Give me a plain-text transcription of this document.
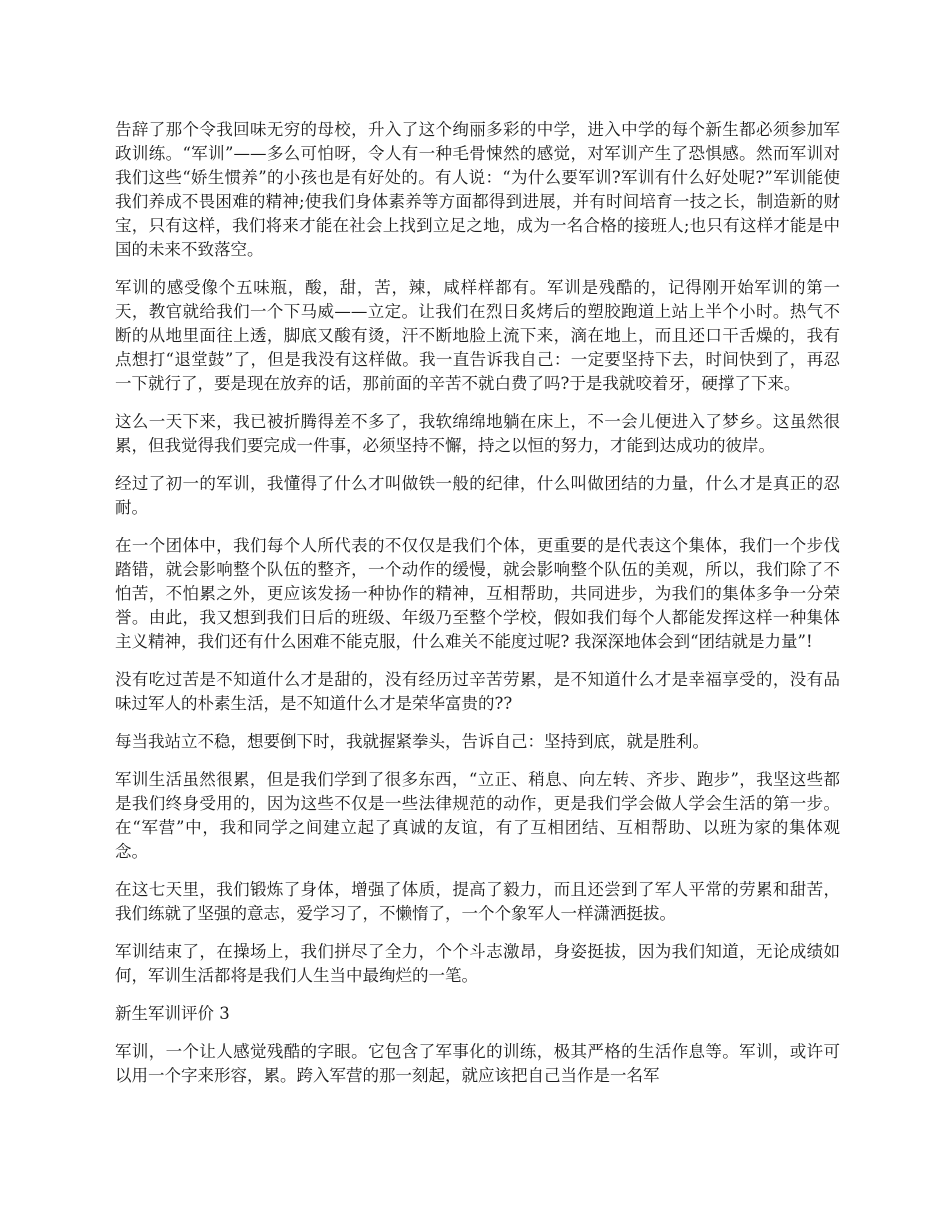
告辞了那个令我回味无穷的母校，升入了这个绚丽多彩的中学，进入中学的每个新生都必须参加军政训练。“军训”——多么可怕呀，令人有一种毛骨悚然的感觉，对军训产生了恐惧感。然而军训对我们这些“娇生惯养”的小孩也是有好处的。有人说：“为什么要军训?军训有什么好处呢?”军训能使我们养成不畏困难的精神;使我们身体素养等方面都得到进展，并有时间培育一技之长，制造新的财宝，只有这样，我们将来才能在社会上找到立足之地，成为一名合格的接班人;也只有这样才能是中国的未来不致落空。

军训的感受像个五味瓶，酸，甜，苦，辣，咸样样都有。军训是残酷的，记得刚开始军训的第一天，教官就给我们一个下马威——立定。让我们在烈日炙烤后的塑胶跑道上站上半个小时。热气不断的从地里面往上透，脚底又酸有烫，汗不断地脸上流下来，滴在地上，而且还口干舌燥的，我有点想打“退堂鼓”了，但是我没有这样做。我一直告诉我自己：一定要坚持下去，时间快到了，再忍一下就行了，要是现在放弃的话，那前面的辛苦不就白费了吗?于是我就咬着牙，硬撑了下来。

这么一天下来，我已被折腾得差不多了，我软绵绵地躺在床上，不一会儿便进入了梦乡。这虽然很累，但我觉得我们要完成一件事，必须坚持不懈，持之以恒的努力，才能到达成功的彼岸。

经过了初一的军训，我懂得了什么才叫做铁一般的纪律，什么叫做团结的力量，什么才是真正的忍耐。

在一个团体中，我们每个人所代表的不仅仅是我们个体，更重要的是代表这个集体，我们一个步伐踏错，就会影响整个队伍的整齐，一个动作的缓慢，就会影响整个队伍的美观，所以，我们除了不怕苦，不怕累之外，更应该发扬一种协作的精神，互相帮助，共同进步，为我们的集体多争一分荣誉。由此，我又想到我们日后的班级、年级乃至整个学校，假如我们每个人都能发挥这样一种集体主义精神，我们还有什么困难不能克服，什么难关不能度过呢? 我深深地体会到“团结就是力量”!

没有吃过苦是不知道什么才是甜的，没有经历过辛苦劳累，是不知道什么才是幸福享受的，没有品味过军人的朴素生活，是不知道什么才是荣华富贵的??

每当我站立不稳，想要倒下时，我就握紧拳头，告诉自己：坚持到底，就是胜利。

军训生活虽然很累，但是我们学到了很多东西，“立正、稍息、向左转、齐步、跑步”，我坚这些都是我们终身受用的，因为这些不仅是一些法律规范的动作，更是我们学会做人学会生活的第一步。在“军营”中，我和同学之间建立起了真诚的友谊，有了互相团结、互相帮助、以班为家的集体观念。

在这七天里，我们锻炼了身体，增强了体质，提高了毅力，而且还尝到了军人平常的劳累和甜苦，我们练就了坚强的意志，爱学习了，不懒惰了，一个个象军人一样潇洒挺拔。

军训结束了，在操场上，我们拼尽了全力，个个斗志激昂，身姿挺拔，因为我们知道，无论成绩如何，军训生活都将是我们人生当中最绚烂的一笔。

新生军训评价 3

军训，一个让人感觉残酷的字眼。它包含了军事化的训练，极其严格的生活作息等。军训，或许可以用一个字来形容，累。跨入军营的那一刻起，就应该把自己当作是一名军
